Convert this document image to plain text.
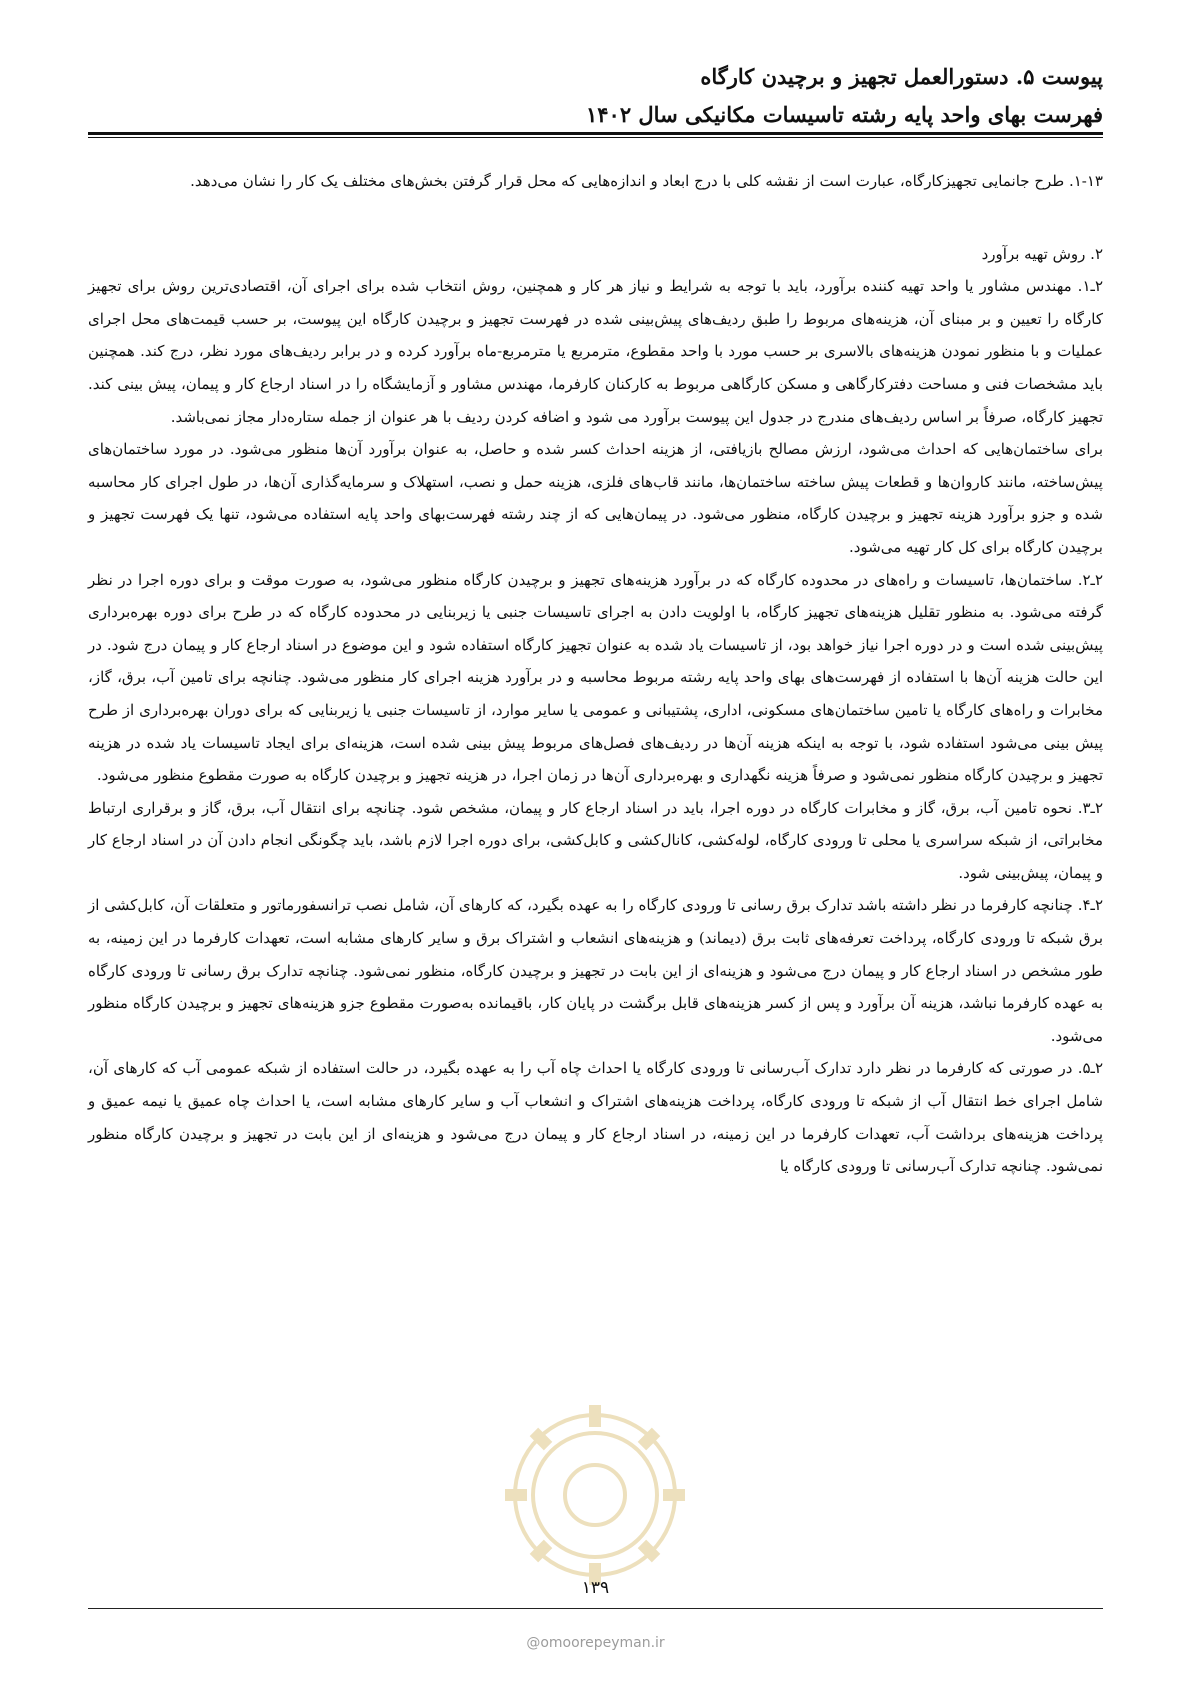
پیوست ۵. دستورالعمل تجهیز و برچیدن کارگاه
فهرست بهای واحد پایه رشته تاسیسات مکانیکی سال ۱۴۰۲

۱-۱۳. طرح جانمایی تجهیزکارگاه، عبارت است از نقشه کلی با درج ابعاد و اندازه‌هایی که محل قرار گرفتن بخش‌های مختلف یک کار را نشان می‌دهد.

۲. روش تهیه برآورد

۲ـ۱. مهندس مشاور یا واحد تهیه کننده برآورد، باید با توجه به شرایط و نیاز هر کار و همچنین، روش انتخاب شده برای اجرای آن، اقتصادی‌ترین روش برای تجهیز کارگاه را تعیین و بر مبنای آن، هزینه‌های مربوط را طبق ردیف‌های پیش‌بینی شده در فهرست تجهیز و برچیدن کارگاه این پیوست، بر حسب قیمت‌های محل اجرای عملیات و با منظور نمودن هزینه‌های بالاسری بر حسب مورد با واحد مقطوع، مترمربع یا مترمربع-ماه برآورد کرده و در برابر ردیف‌های مورد نظر، درج کند. همچنین باید مشخصات فنی و مساحت دفترکارگاهی و مسکن کارگاهی مربوط به کارکنان کارفرما، مهندس مشاور و آزمایشگاه را در اسناد ارجاع کار و پیمان، پیش بینی کند. تجهیز کارگاه، صرفاً بر اساس ردیف‌های مندرج در جدول این پیوست برآورد می شود و اضافه کردن ردیف با هر عنوان از جمله ستاره‌دار مجاز نمی‌باشد.

برای ساختمان‌هایی که احداث می‌شود، ارزش مصالح بازیافتی، از هزینه احداث کسر شده و حاصل، به عنوان برآورد آن‌ها منظور می‌شود. در مورد ساختمان‌های پیش‌ساخته، مانند کاروان‌ها و قطعات پیش ساخته ساختمان‌ها، مانند قاب‌های فلزی، هزینه حمل و نصب، استهلاک و سرمایه‌گذاری آن‌ها، در طول اجرای کار محاسبه شده و جزو برآورد هزینه تجهیز و برچیدن کارگاه، منظور می‌شود. در پیمان‌هایی که از چند رشته فهرست‌بهای واحد پایه استفاده می‌شود، تنها یک فهرست تجهیز و برچیدن کارگاه برای کل کار تهیه می‌شود.

۲ـ۲. ساختمان‌ها، تاسیسات و راه‌های در محدوده کارگاه که در برآورد هزینه‌های تجهیز و برچیدن کارگاه منظور می‌شود، به صورت موقت و برای دوره اجرا در نظر گرفته می‌شود. به منظور تقلیل هزینه‌های تجهیز کارگاه، با اولویت دادن به اجرای تاسیسات جنبی یا زیربنایی در محدوده کارگاه که در طرح برای دوره بهره‌برداری پیش‌بینی شده است و در دوره اجرا نیاز خواهد بود، از تاسیسات یاد شده به عنوان تجهیز کارگاه استفاده شود و این موضوع در اسناد ارجاع کار و پیمان درج شود. در این حالت هزینه آن‌ها با استفاده از فهرست‌های بهای واحد پایه رشته مربوط محاسبه و در برآورد هزینه اجرای کار منظور می‌شود. چنانچه برای تامین آب، برق، گاز، مخابرات و راه‌های کارگاه یا تامین ساختمان‌های مسکونی، اداری، پشتیبانی و عمومی یا سایر موارد، از تاسیسات جنبی یا زیربنایی که برای دوران بهره‌برداری از طرح پیش بینی می‌شود استفاده شود، با توجه به اینکه هزینه آن‌ها در ردیف‌های فصل‌های مربوط پیش بینی شده است، هزینه‌ای برای ایجاد تاسیسات یاد شده در هزینه تجهیز و برچیدن کارگاه منظور نمی‌شود و صرفاً هزینه نگهداری و بهره‌برداری آن‌ها در زمان اجرا، در هزینه تجهیز و برچیدن کارگاه به صورت مقطوع منظور می‌شود.

۲ـ۳. نحوه تامین آب، برق، گاز و مخابرات کارگاه در دوره اجرا، باید در اسناد ارجاع کار و پیمان، مشخص شود. چنانچه برای انتقال آب، برق، گاز و برقراری ارتباط مخابراتی، از شبکه سراسری یا محلی تا ورودی کارگاه، لوله‌کشی، کانال‌کشی و کابل‌کشی، برای دوره اجرا لازم باشد، باید چگونگی انجام دادن آن در اسناد ارجاع کار و پیمان، پیش‌بینی شود.

۲ـ۴. چنانچه کارفرما در نظر داشته باشد تدارک برق رسانی تا ورودی کارگاه را به عهده بگیرد، که کارهای آن، شامل نصب ترانسفورماتور و متعلقات آن، کابل‌کشی از برق شبکه تا ورودی کارگاه، پرداخت تعرفه‌های ثابت برق (دیماند) و هزینه‌های انشعاب و اشتراک برق و سایر کارهای مشابه است، تعهدات کارفرما در این زمینه، به طور مشخص در اسناد ارجاع کار و پیمان درج می‌شود و هزینه‌ای از این بابت در تجهیز و برچیدن کارگاه، منظور نمی‌شود. چنانچه تدارک برق رسانی تا ورودی کارگاه به عهده کارفرما نباشد، هزینه آن برآورد و پس از کسر هزینه‌های قابل برگشت در پایان کار، باقیمانده به‌صورت مقطوع جزو هزینه‌های تجهیز و برچیدن کارگاه منظور می‌شود.

۲ـ۵. در صورتی که کارفرما در نظر دارد تدارک آب‌رسانی تا ورودی کارگاه یا احداث چاه آب را به عهده بگیرد، در حالت استفاده از شبکه عمومی آب که کارهای آن، شامل اجرای خط انتقال آب از شبکه تا ورودی کارگاه، پرداخت هزینه‌های اشتراک و انشعاب آب و سایر کارهای مشابه است، یا احداث چاه عمیق یا نیمه عمیق و پرداخت هزینه‌های برداشت آب، تعهدات کارفرما در این زمینه، در اسناد ارجاع کار و پیمان درج می‌شود و هزینه‌ای از این بابت در تجهیز و برچیدن کارگاه منظور نمی‌شود. چنانچه تدارک آب‌رسانی تا ورودی کارگاه یا

۱۳۹
@omoorepeyman.ir
